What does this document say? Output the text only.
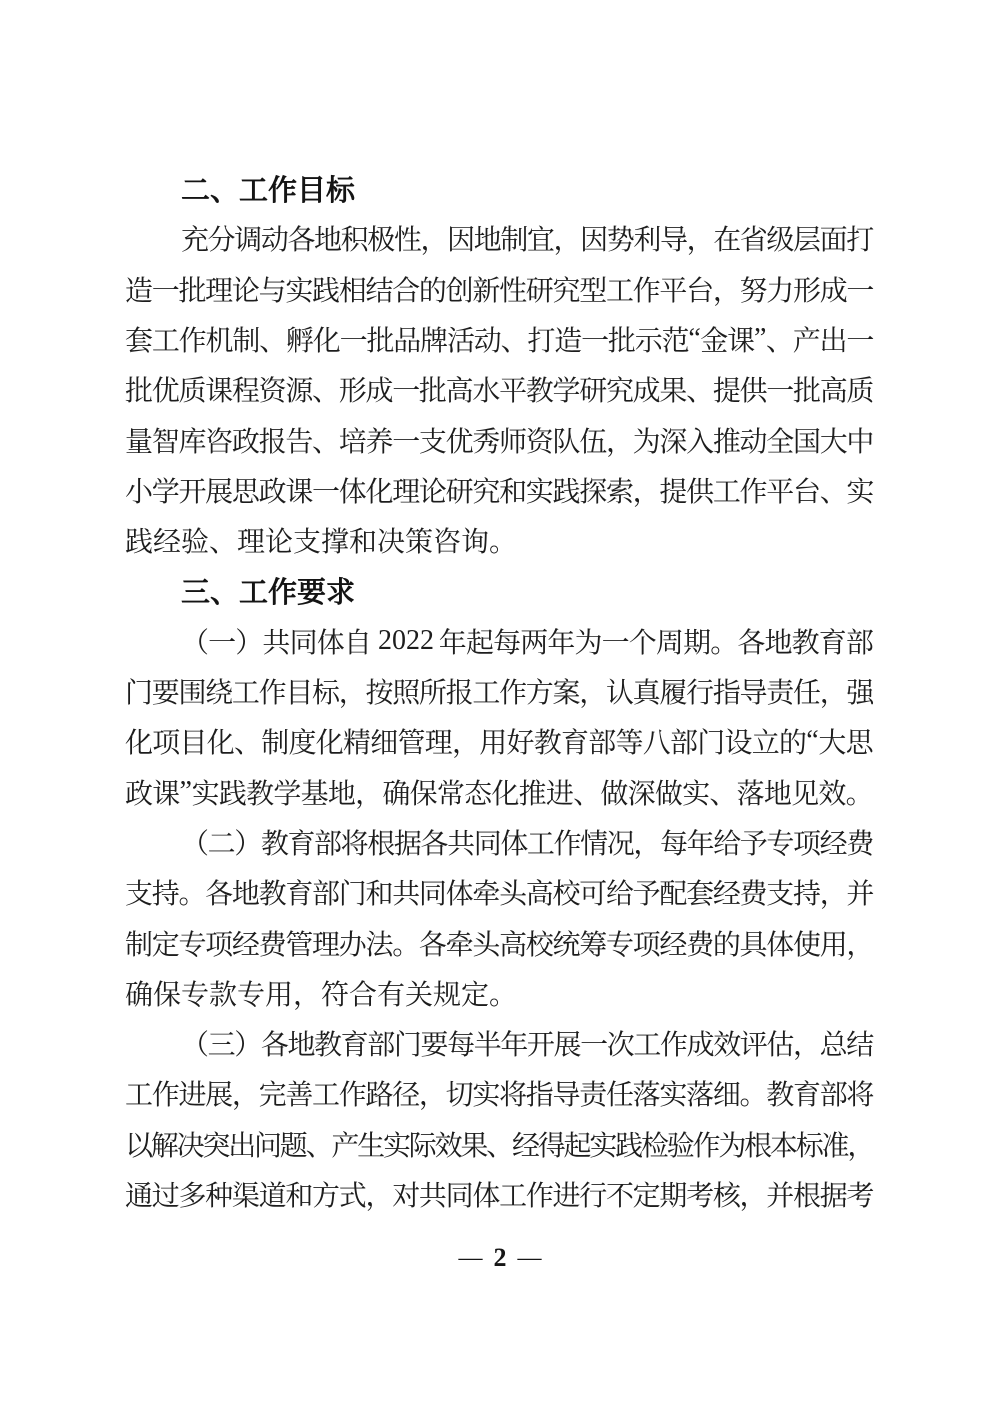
二、工作目标
充
分
调
动
各
地
积
极
性
，
因
地
制
宜
，
因
势
利
导
，
在
省
级
层
面
打
造
一
批
理
论
与
实
践
相
结
合
的
创
新
性
研
究
型
工
作
平
台
，
努
力
形
成
一
套
工
作
机
制
、
孵
化
一
批
品
牌
活
动
、
打
造
一
批
示
范
“ 金
课
” 、
产
出
一
批
优
质
课
程
资
源
、
形
成
一
批
高
水
平
教
学
研
究
成
果
、
提
供
一
批
高
质
量
智
库
咨
政
报
告
、
培
养
一
支
优
秀
师
资
队
伍
，
为
深
入
推
动
全
国
大
中
小
学
开
展
思
政
课
一
体
化
理
论
研
究
和
实
践
探
索
，
提
供
工
作
平
台
、
实
践经验、理论支撑和决策咨询。
三、工作要求
（ 一 ） 共 同 体 自 2022
年 起 每 两 年 为 一 个 周 期 。 各 地 教 育 部
门
要
围
绕
工
作
目
标
，
按
照
所
报
工
作
方
案
，
认
真
履
行
指
导
责
任
，
强
化 项 目 化 、 制 度 化 精 细 管 理 ， 用 好 教 育 部 等 八 部 门 设 立 的 “ 大 思
政 课 ” 实 践 教 学 基 地 ， 确 保 常 态 化 推 进 、 做 深 做 实 、 落 地 见 效 。
（
二
）
教
育
部
将
根
据
各
共
同
体
工
作
情
况
，
每
年
给
予
专
项
经
费
支
持
。
各
地
教
育
部
门
和
共
同
体
牵
头
高
校
可
给
予
配
套
经
费
支
持
，
并
制
定
专
项
经
费
管
理
办
法
。
各
牵
头
高
校
统
筹
专
项
经
费
的
具
体
使
用
，
确保专款专用，符合有关规定。
（
三
）
各
地
教
育
部
门
要
每
半
年
开
展
一
次
工
作
成
效
评
估
，
总
结
工
作
进
展
，
完
善
工
作
路
径
，
切
实
将
指
导
责
任
落
实
落
细
。
教
育
部
将
以
解
决
突
出
问
题
、
产
生
实
际
效
果
、
经
得
起
实
践
检
验
作
为
根
本
标
准
，
通
过
多
种
渠
道
和
方
式
，
对
共
同
体
工
作
进
行
不
定
期
考
核
，
并
根
据
考
— 2 —
